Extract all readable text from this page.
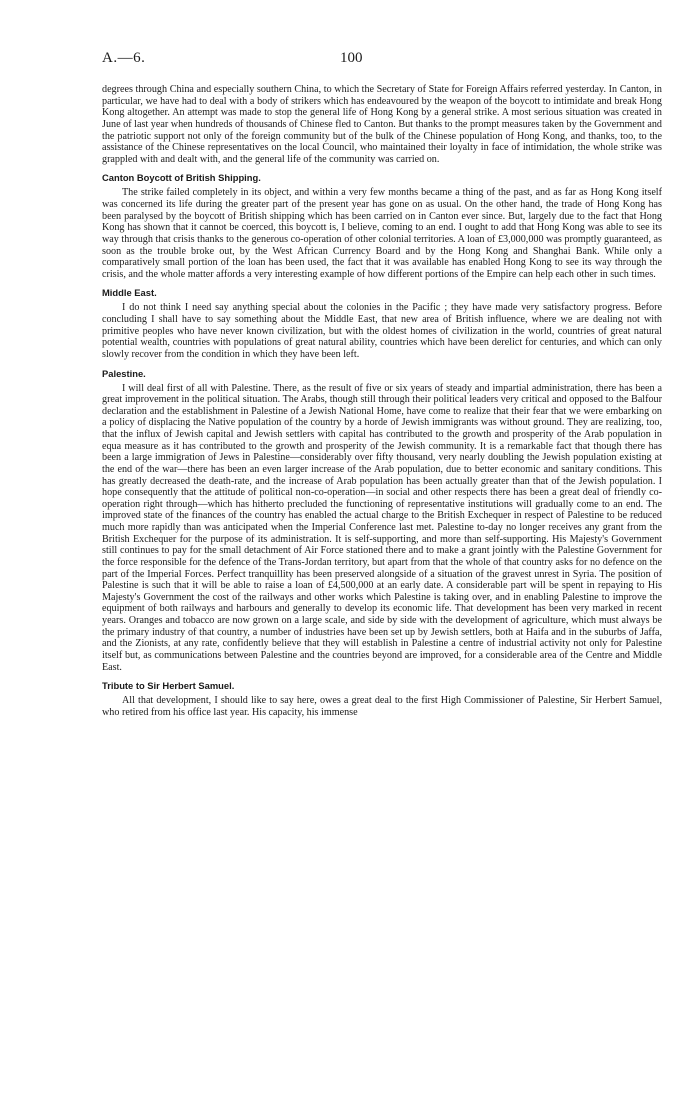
A.—6.	100

degrees through China and especially southern China, to which the Secretary of State for Foreign Affairs referred yesterday. In Canton, in particular, we have had to deal with a body of strikers which has endeavoured by the weapon of the boycott to intimidate and break Hong Kong altogether. An attempt was made to stop the general life of Hong Kong by a general strike. A most serious situation was created in June of last year when hundreds of thousands of Chinese fled to Canton. But thanks to the prompt measures taken by the Government and the patriotic support not only of the foreign community but of the bulk of the Chinese population of Hong Kong, and thanks, too, to the assistance of the Chinese representatives on the local Council, who maintained their loyalty in face of intimidation, the whole strike was grappled with and dealt with, and the general life of the community was carried on.

Canton Boycott of British Shipping.

The strike failed completely in its object, and within a very few months became a thing of the past, and as far as Hong Kong itself was concerned its life during the greater part of the present year has gone on as usual. On the other hand, the trade of Hong Kong has been paralysed by the boycott of British shipping which has been carried on in Canton ever since. But, largely due to the fact that Hong Kong has shown that it cannot be coerced, this boycott is, I believe, coming to an end. I ought to add that Hong Kong was able to see its way through that crisis thanks to the generous co-operation of other colonial territories. A loan of £3,000,000 was promptly guaranteed, as soon as the trouble broke out, by the West African Currency Board and by the Hong Kong and Shanghai Bank. While only a comparatively small portion of the loan has been used, the fact that it was available has enabled Hong Kong to see its way through the crisis, and the whole matter affords a very interesting example of how different portions of the Empire can help each other in such times.

Middle East.

I do not think I need say anything special about the colonies in the Pacific ; they have made very satisfactory progress. Before concluding I shall have to say something about the Middle East, that new area of British influence, where we are dealing not with primitive peoples who have never known civilization, but with the oldest homes of civilization in the world, countries of great natural potential wealth, countries with populations of great natural ability, countries which have been derelict for centuries, and which can only slowly recover from the condition in which they have been left.

Palestine.

I will deal first of all with Palestine. There, as the result of five or six years of steady and impartial administration, there has been a great improvement in the political situation. The Arabs, though still through their political leaders very critical and opposed to the Balfour declaration and the establishment in Palestine of a Jewish National Home, have come to realize that their fear that we were embarking on a policy of displacing the Native population of the country by a horde of Jewish immigrants was without ground. They are realizing, too, that the influx of Jewish capital and Jewish settlers with capital has contributed to the growth and prosperity of the Arab population in equa measure as it has contributed to the growth and prosperity of the Jewish community. It is a remarkable fact that though there has been a large immigration of Jews in Palestine—considerably over fifty thousand, very nearly doubling the Jewish population existing at the end of the war—there has been an even larger increase of the Arab population, due to better economic and sanitary conditions. This has greatly decreased the death-rate, and the increase of Arab population has been actually greater than that of the Jewish population. I hope consequently that the attitude of political non-co-operation—in social and other respects there has been a great deal of friendly co-operation right through—which has hitherto precluded the functioning of representative institutions will gradually come to an end. The improved state of the finances of the country has enabled the actual charge to the British Exchequer in respect of Palestine to be reduced much more rapidly than was anticipated when the Imperial Conference last met. Palestine to-day no longer receives any grant from the British Exchequer for the purpose of its administration. It is self-supporting, and more than self-supporting. His Majesty's Government still continues to pay for the small detachment of Air Force stationed there and to make a grant jointly with the Palestine Government for the force responsible for the defence of the Trans-Jordan territory, but apart from that the whole of that country asks for no defence on the part of the Imperial Forces. Perfect tranquillity has been preserved alongside of a situation of the gravest unrest in Syria. The position of Palestine is such that it will be able to raise a loan of £4,500,000 at an early date. A considerable part will be spent in repaying to His Majesty's Government the cost of the railways and other works which Palestine is taking over, and in enabling Palestine to improve the equipment of both railways and harbours and generally to develop its economic life. That development has been very marked in recent years. Oranges and tobacco are now grown on a large scale, and side by side with the development of agriculture, which must always be the primary industry of that country, a number of industries have been set up by Jewish settlers, both at Haifa and in the suburbs of Jaffa, and the Zionists, at any rate, confidently believe that they will establish in Palestine a centre of industrial activity not only for Palestine itself but, as communications between Palestine and the countries beyond are improved, for a considerable area of the Centre and Middle East.

Tribute to Sir Herbert Samuel.

All that development, I should like to say here, owes a great deal to the first High Commissioner of Palestine, Sir Herbert Samuel, who retired from his office last year. His capacity, his immense
